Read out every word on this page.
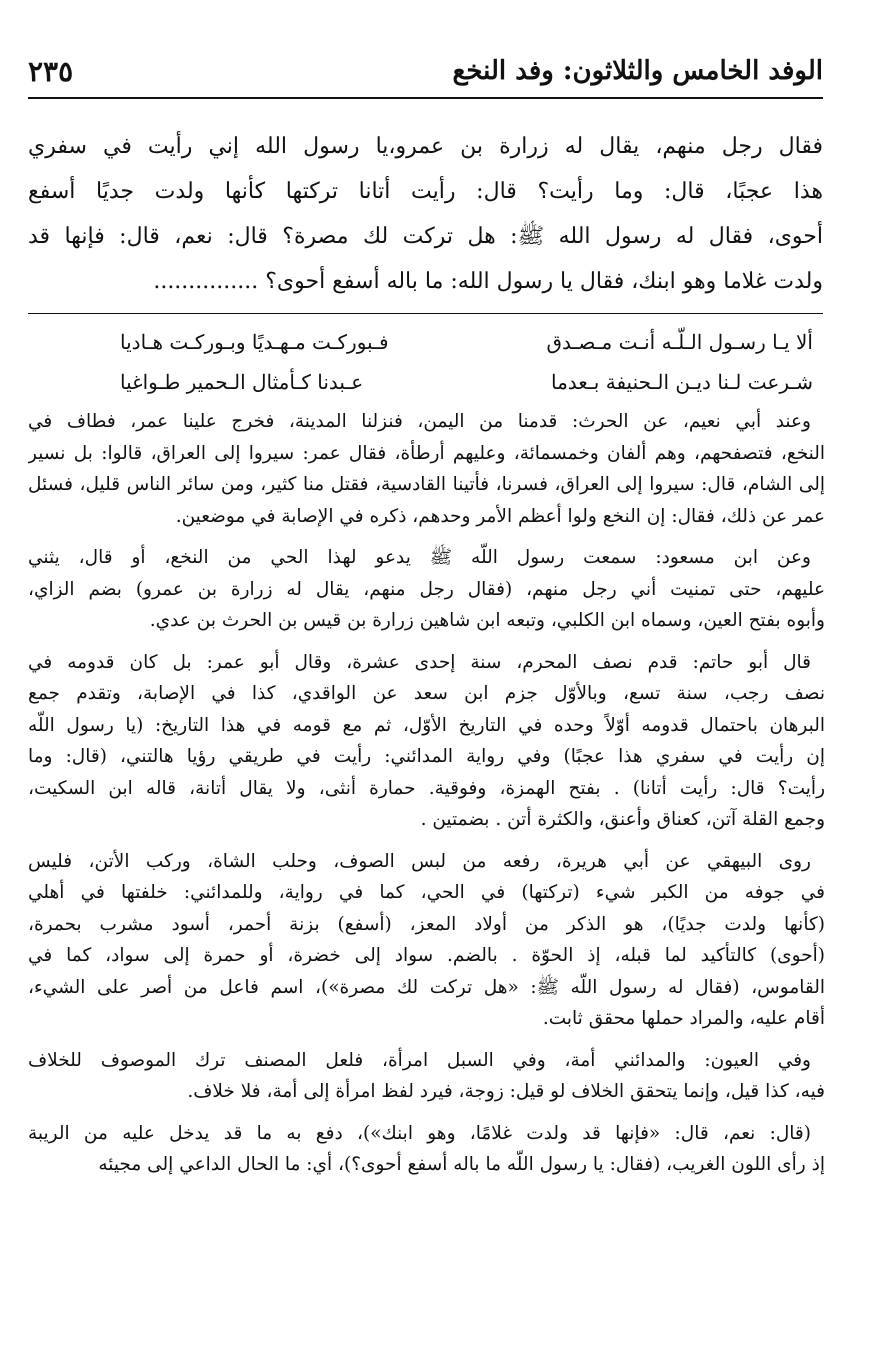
الوفد الخامس والثلاثون: وفد النخع
٢٣٥
فقال رجل منهم، يقال له زرارة بن عمرو،يا رسول الله إني رأيت في سفري
هذا عجبًا، قال: وما رأيت؟ قال: رأيت أتانا تركتها كأنها ولدت جديًا أسفع
أحوى، فقال له رسول الله ﷺ: هل تركت لك مصرة؟ قال: نعم، قال: فإنها قد
ولدت غلاما وهو ابنك، فقال يا رسول الله: ما باله أسفع أحوى؟ ...............
ألا يـا رسـول الـلّـه أنـت مـصـدق
فـبوركـت مـهـديًا وبـوركـت هـاديا
شـرعت لـنا ديـن الـحنيفة بـعدما
عـبدنا كـأمثال الـحمير طـواغيا
وعند أبي نعيم، عن الحرث: قدمنا من اليمن، فنزلنا المدينة، فخرج علينا عمر، فطاف في
النخع، فتصفحهم، وهم ألفان وخمسمائة، وعليهم أرطأة، فقال عمر: سيروا إلى العراق، قالوا: بل نسير
إلى الشام، قال: سيروا إلى العراق، فسرنا، فأتينا القادسية، فقتل منا كثير، ومن سائر الناس قليل، فسئل
عمر عن ذلك، فقال: إن النخع ولوا أعظم الأمر وحدهم، ذكره في الإصابة في موضعين.
وعن ابن مسعود: سمعت رسول اللّه ﷺ يدعو لهذا الحي من النخع، أو قال، يثني
عليهم، حتى تمنيت أني رجل منهم، (فقال رجل منهم، يقال له زرارة بن عمرو) بضم الزاي،
وأبوه بفتح العين، وسماه ابن الكلبي، وتبعه ابن شاهين زرارة بن قيس بن الحرث بن عدي.
قال أبو حاتم: قدم نصف المحرم، سنة إحدى عشرة، وقال أبو عمر: بل كان قدومه في
نصف رجب، سنة تسع، وبالأوّل جزم ابن سعد عن الواقدي، كذا في الإصابة، وتقدم جمع
البرهان باحتمال قدومه أوّلاً وحده في التاريخ الأوّل، ثم مع قومه في هذا التاريخ: (يا رسول اللّه
إن رأيت في سفري هذا عجبًا) وفي رواية المدائني: رأيت في طريقي رؤيا هالتني، (قال: وما
رأيت؟ قال: رأيت أتانا) . بفتح الهمزة، وفوقية. حمارة أنثى، ولا يقال أتانة، قاله ابن السكيت،
وجمع القلة آتن، كعناق وأعنق، والكثرة أتن . بضمتين .
روى البيهقي عن أبي هريرة، رفعه من لبس الصوف، وحلب الشاة، وركب الأتن، فليس
في جوفه من الكبر شيء (تركتها) في الحي، كما في رواية، وللمدائني: خلفتها في أهلي
(كأنها ولدت جديًا)، هو الذكر من أولاد المعز، (أسفع) بزنة أحمر، أسود مشرب بحمرة،
(أحوى) كالتأكيد لما قبله، إذ الحوّة . بالضم. سواد إلى خضرة، أو حمرة إلى سواد، كما في
القاموس، (فقال له رسول اللّه ﷺ: «هل تركت لك مصرة»)، اسم فاعل من أصر على الشيء،
أقام عليه، والمراد حملها محقق ثابت.
وفي العيون: والمدائني أمة، وفي السبل امرأة، فلعل المصنف ترك الموصوف للخلاف
فيه، كذا قيل، وإنما يتحقق الخلاف لو قيل: زوجة، فيرد لفظ امرأة إلى أمة، فلا خلاف.
(قال: نعم، قال: «فإنها قد ولدت غلامًا، وهو ابنك»)، دفع به ما قد يدخل عليه من الريبة
إذ رأى اللون الغريب، (فقال: يا رسول اللّه ما باله أسفع أحوى؟)، أي: ما الحال الداعي إلى مجيئه
